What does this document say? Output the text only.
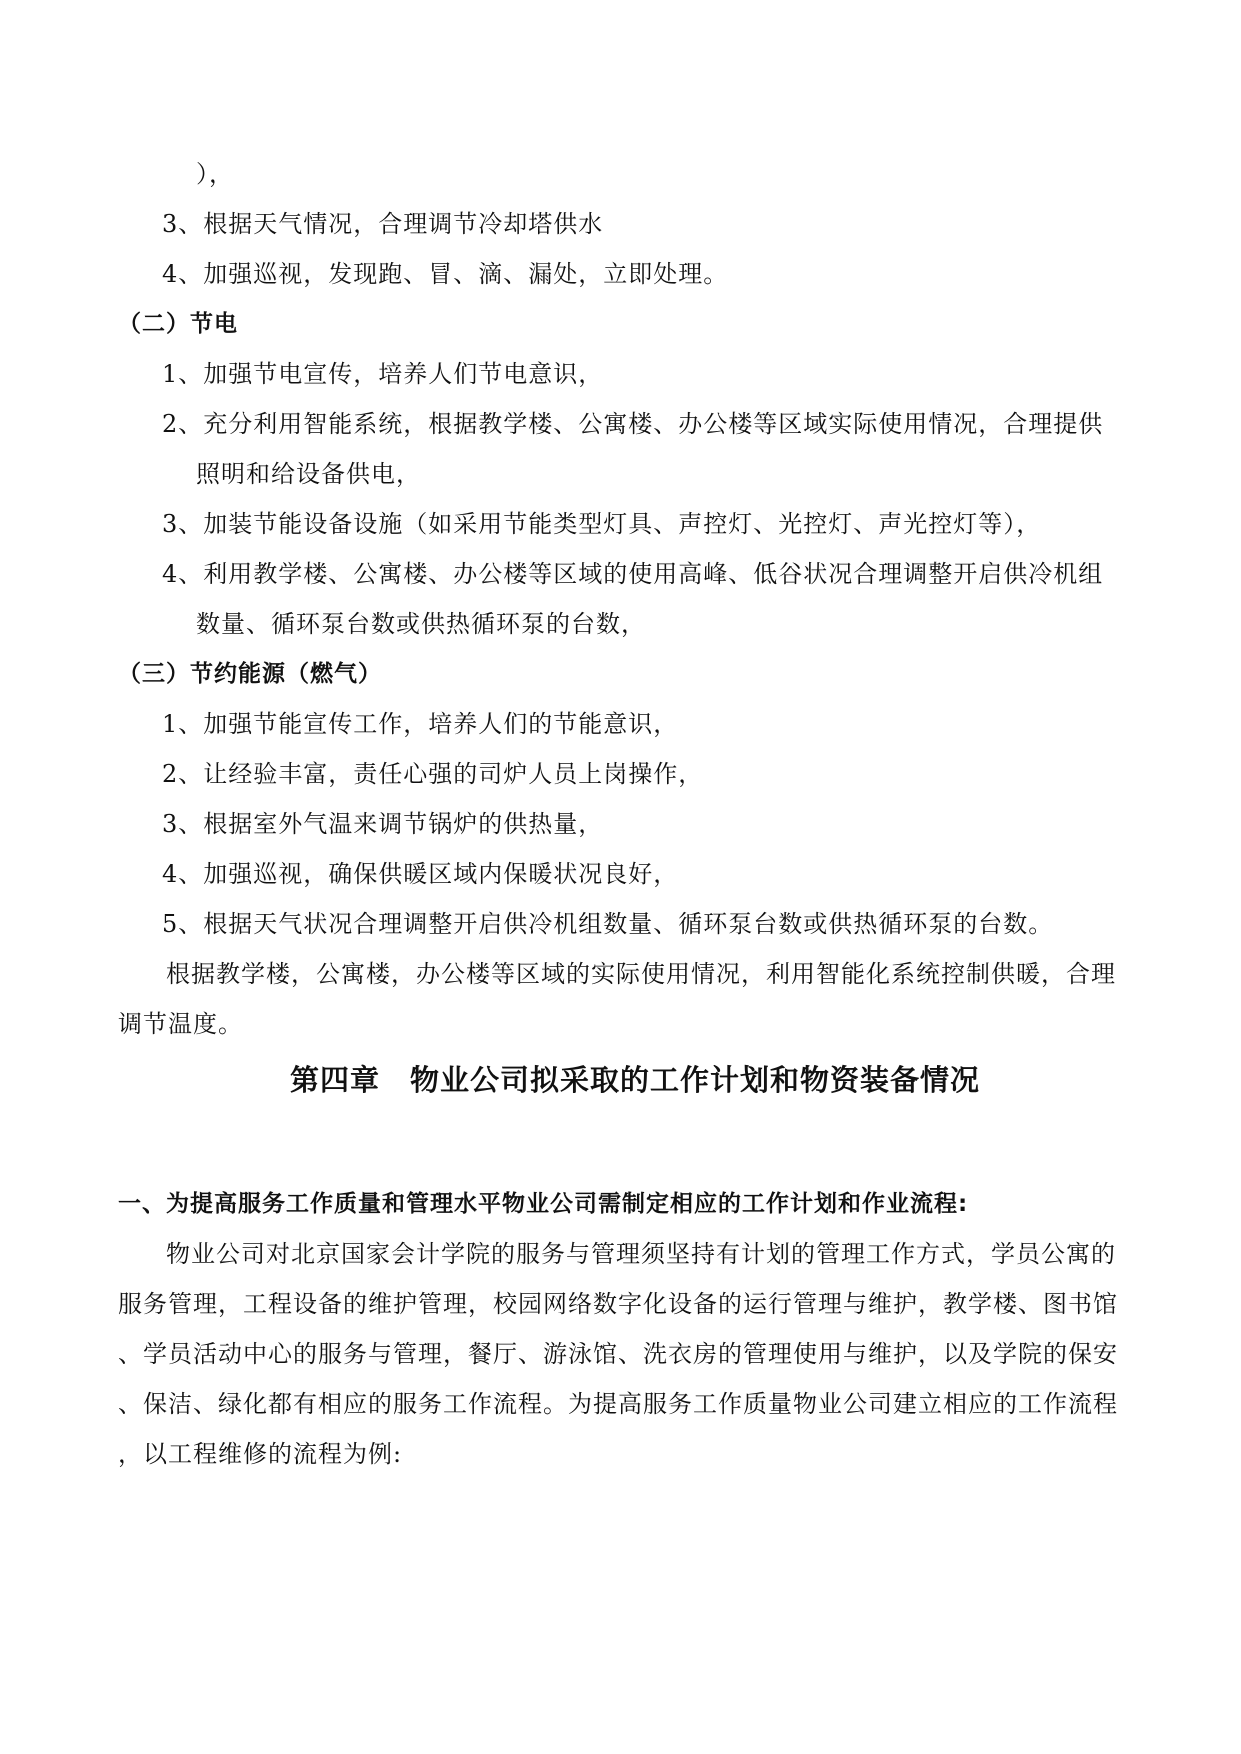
），
3、根据天气情况，合理调节冷却塔供水
4、加强巡视，发现跑、冒、滴、漏处，立即处理。
（二）节电
1、加强节电宣传，培养人们节电意识，
2、充分利用智能系统，根据教学楼、公寓楼、办公楼等区域实际使用情况，合理提供
照明和给设备供电，
3、加装节能设备设施（如采用节能类型灯具、声控灯、光控灯、声光控灯等），
4、利用教学楼、公寓楼、办公楼等区域的使用高峰、低谷状况合理调整开启供冷机组
数量、循环泵台数或供热循环泵的台数，
（三）节约能源（燃气）
1、加强节能宣传工作，培养人们的节能意识，
2、让经验丰富，责任心强的司炉人员上岗操作，
3、根据室外气温来调节锅炉的供热量，
4、加强巡视，确保供暖区域内保暖状况良好，
5、根据天气状况合理调整开启供冷机组数量、循环泵台数或供热循环泵的台数。
根据教学楼，公寓楼，办公楼等区域的实际使用情况，利用智能化系统控制供暖，合理
调节温度。
第四章　物业公司拟采取的工作计划和物资装备情况
一、为提高服务工作质量和管理水平物业公司需制定相应的工作计划和作业流程:
物业公司对北京国家会计学院的服务与管理须坚持有计划的管理工作方式，学员公寓的
服务管理，工程设备的维护管理，校园网络数字化设备的运行管理与维护，教学楼、图书馆
、学员活动中心的服务与管理，餐厅、游泳馆、洗衣房的管理使用与维护，以及学院的保安
、保洁、绿化都有相应的服务工作流程。为提高服务工作质量物业公司建立相应的工作流程
，以工程维修的流程为例:
